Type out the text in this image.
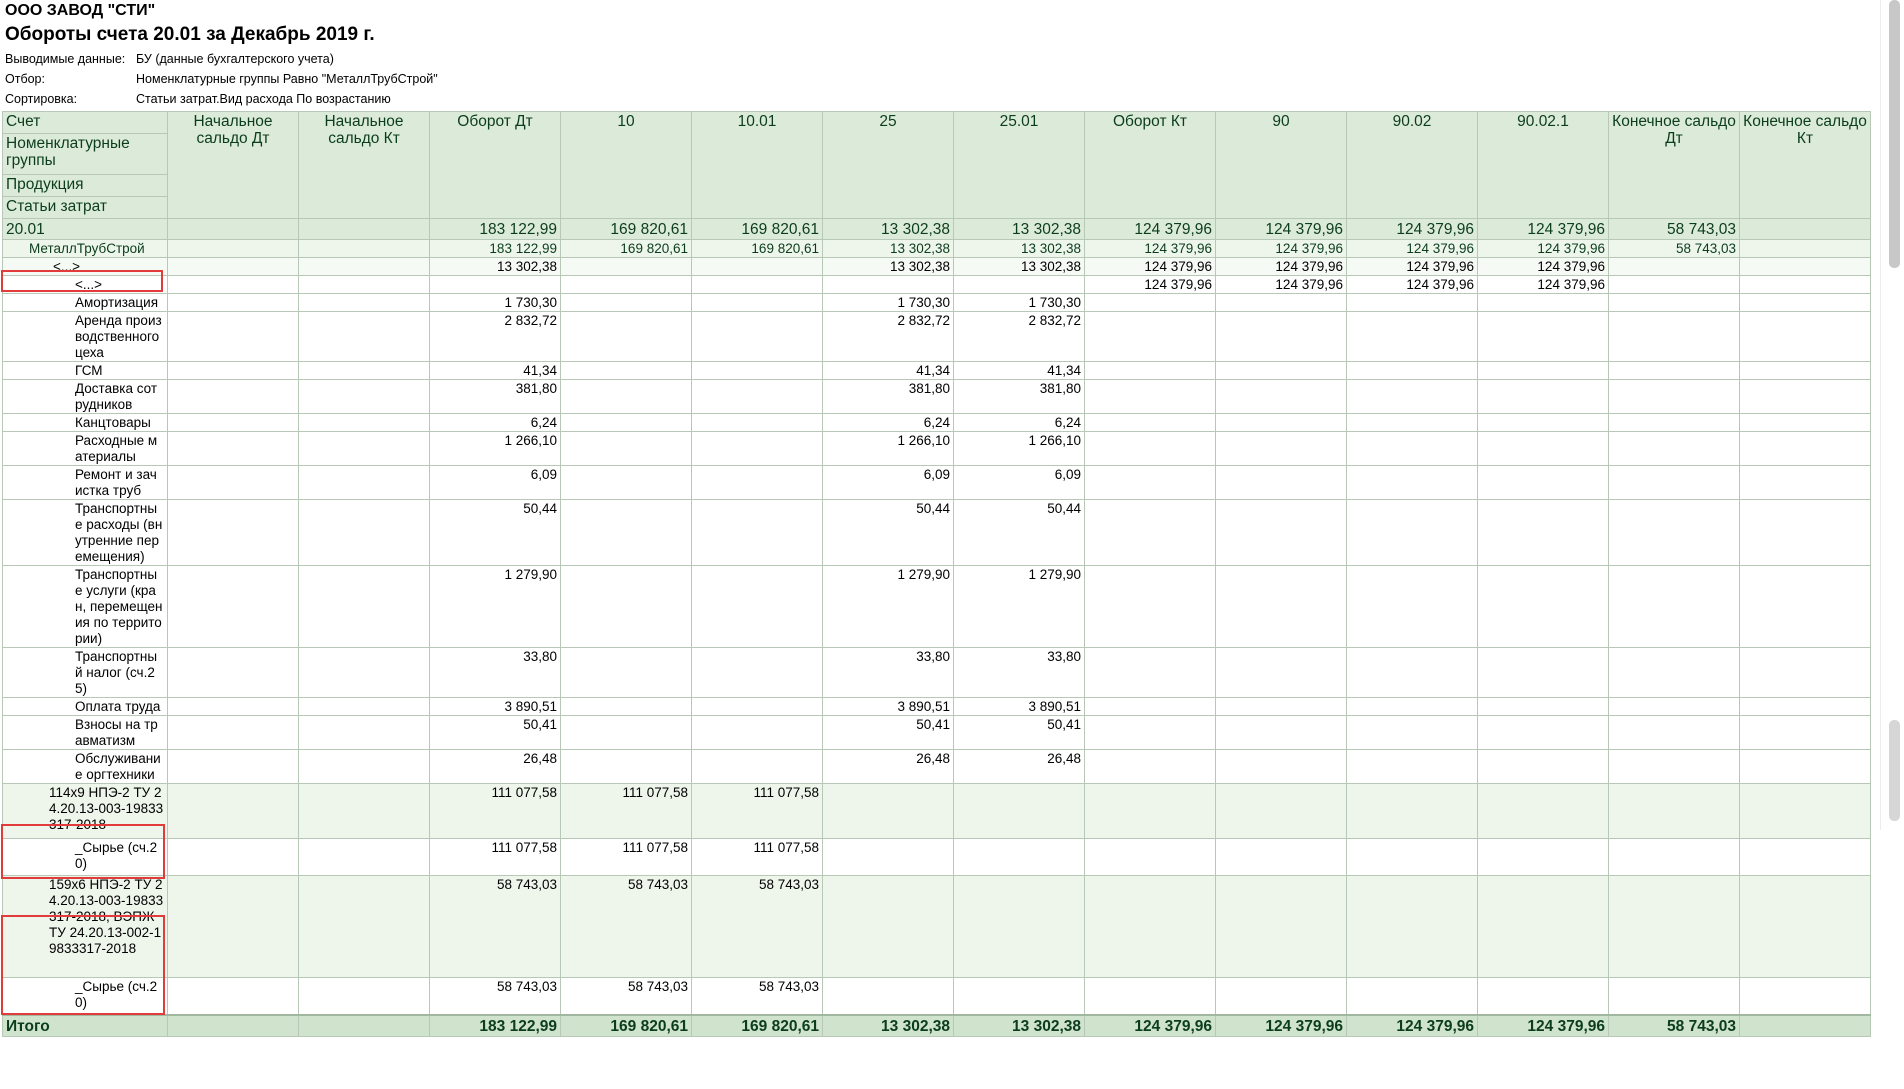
ООО ЗАВОД "СТИ"
Обороты счета 20.01 за Декабрь 2019 г.
Выводимые данные: БУ (данные бухгалтерского учета)
Отбор:	Номенклатурные группы Равно "МеталлТрубСтрой"
Сортировка:	Статьи затрат.Вид расхода По возрастанию
Счет	Начальное сальдо Дт	Начальное сальдо Кт	Оборот Дт	10	10.01	25	25.01	Оборот Кт	90	90.02	90.02.1	Конечное сальдо Дт	Конечное сальдо Кт
Номенклатурные группы													
Продукция													
Статьи затрат													
20.01			183 122,99	169 820,61	169 820,61	13 302,38	13 302,38	124 379,96	124 379,96	124 379,96	124 379,96	58 743,03	
МеталлТрубСтрой			183 122,99	169 820,61	169 820,61	13 302,38	13 302,38	124 379,96	124 379,96	124 379,96	124 379,96	58 743,03	
<...>			13 302,38			13 302,38	13 302,38	124 379,96	124 379,96	124 379,96	124 379,96		
<...>								124 379,96	124 379,96	124 379,96	124 379,96		
Амортизация			1 730,30			1 730,30	1 730,30						
Аренда производственного цеха			2 832,72			2 832,72	2 832,72						
ГСМ			41,34			41,34	41,34						
Доставка сотрудников			381,80			381,80	381,80						
Канцтовары			6,24			6,24	6,24						
Расходные материалы			1 266,10			1 266,10	1 266,10						
Ремонт и зачистка труб			6,09			6,09	6,09						
Транспортные расходы (внутренние перемещения)			50,44			50,44	50,44						
Транспортные услуги (кран, перемещения по территории)			1 279,90			1 279,90	1 279,90						
Транспортный налог (сч.25)			33,80			33,80	33,80						
Оплата труда			3 890,51			3 890,51	3 890,51						
Взносы на травматизм			50,41			50,41	50,41						
Обслуживание оргтехники			26,48			26,48	26,48						
114х9 НПЭ-2 ТУ 24.20.13-003-19833317-2018			111 077,58	111 077,58	111 077,58								
_Сырье (сч.20)			111 077,58	111 077,58	111 077,58								
159х6 НПЭ-2 ТУ 24.20.13-003-19833317-2018, ВЭПЖ ТУ 24.20.13-002-19833317-2018			58 743,03	58 743,03	58 743,03								
_Сырье (сч.20)			58 743,03	58 743,03	58 743,03								
Итого			183 122,99	169 820,61	169 820,61	13 302,38	13 302,38	124 379,96	124 379,96	124 379,96	124 379,96	58 743,03	
